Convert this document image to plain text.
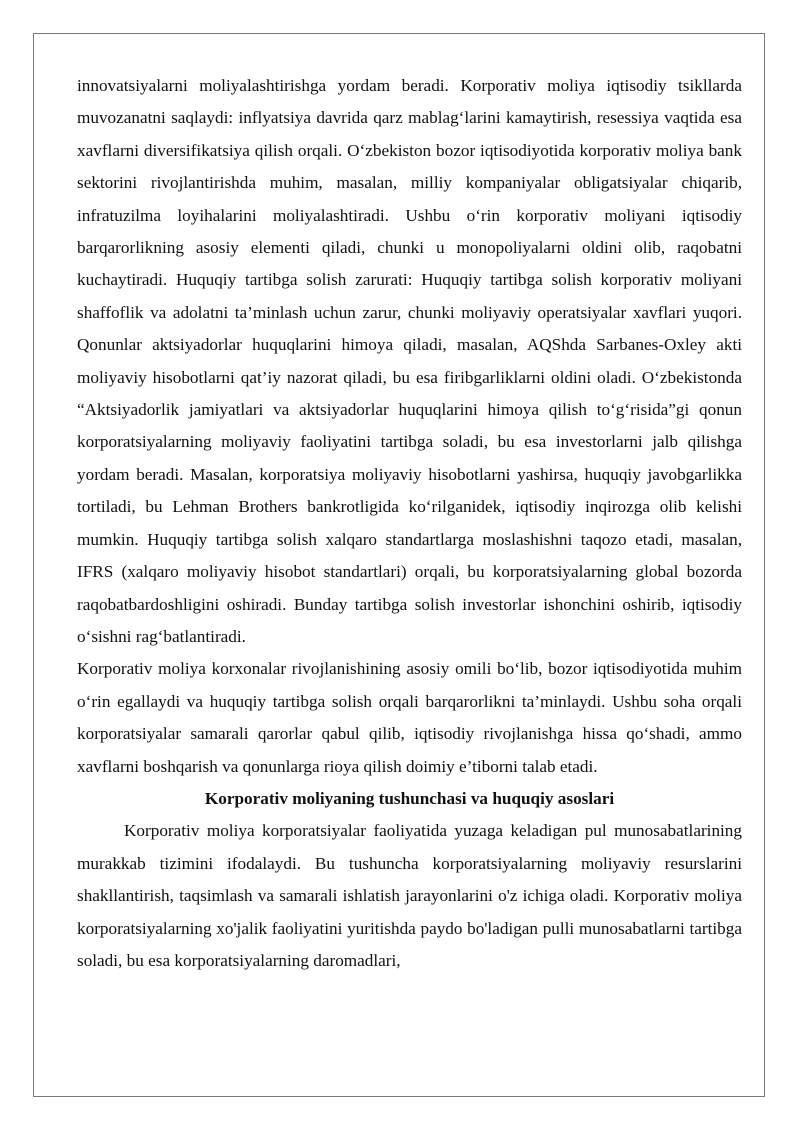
innovatsiyalarni moliyalashtirishga yordam beradi. Korporativ moliya iqtisodiy tsikllarda muvozanatni saqlaydi: inflyatsiya davrida qarz mablag‘larini kamaytirish, resessiya vaqtida esa xavflarni diversifikatsiya qilish orqali. O‘zbekiston bozor iqtisodiyotida korporativ moliya bank sektorini rivojlantirishda muhim, masalan, milliy kompaniyalar obligatsiyalar chiqarib, infratuzilma loyihalarini moliyalashtiradi. Ushbu o‘rin korporativ moliyani iqtisodiy barqarorlikning asosiy elementi qiladi, chunki u monopoliyalarni oldini olib, raqobatni kuchaytiradi. Huquqiy tartibga solish zarurati: Huquqiy tartibga solish korporativ moliyani shaffoflik va adolatni ta’minlash uchun zarur, chunki moliyaviy operatsiyalar xavflari yuqori. Qonunlar aktsiyadorlar huquqlarini himoya qiladi, masalan, AQShda Sarbanes-Oxley akti moliyaviy hisobotlarni qat’iy nazorat qiladi, bu esa firibgarliklarni oldini oladi. O‘zbekistonda “Aktsiyadorlik jamiyatlari va aktsiyadorlar huquqlarini himoya qilish to‘g‘risida”gi qonun korporatsiyalarning moliyaviy faoliyatini tartibga soladi, bu esa investorlarni jalb qilishga yordam beradi. Masalan, korporatsiya moliyaviy hisobotlarni yashirsa, huquqiy javobgarlikka tortiladi, bu Lehman Brothers bankrotligida ko‘rilganidek, iqtisodiy inqirozga olib kelishi mumkin. Huquqiy tartibga solish xalqaro standartlarga moslashishni taqozo etadi, masalan, IFRS (xalqaro moliyaviy hisobot standartlari) orqali, bu korporatsiyalarning global bozorda raqobatbardoshligini oshiradi. Bunday tartibga solish investorlar ishonchini oshirib, iqtisodiy o‘sishni rag‘batlantiradi.

Korporativ moliya korxonalar rivojlanishining asosiy omili bo‘lib, bozor iqtisodiyotida muhim o‘rin egallaydi va huquqiy tartibga solish orqali barqarorlikni ta’minlaydi. Ushbu soha orqali korporatsiyalar samarali qarorlar qabul qilib, iqtisodiy rivojlanishga hissa qo‘shadi, ammo xavflarni boshqarish va qonunlarga rioya qilish doimiy e’tiborni talab etadi.

Korporativ moliyaning tushunchasi va huquqiy asoslari

Korporativ moliya korporatsiyalar faoliyatida yuzaga keladigan pul munosabatlarining murakkab tizimini ifodalaydi. Bu tushuncha korporatsiyalarning moliyaviy resurslarini shakllantirish, taqsimlash va samarali ishlatish jarayonlarini o'z ichiga oladi. Korporativ moliya korporatsiyalarning xo'jalik faoliyatini yuritishda paydo bo'ladigan pulli munosabatlarni tartibga soladi, bu esa korporatsiyalarning daromadlari,
